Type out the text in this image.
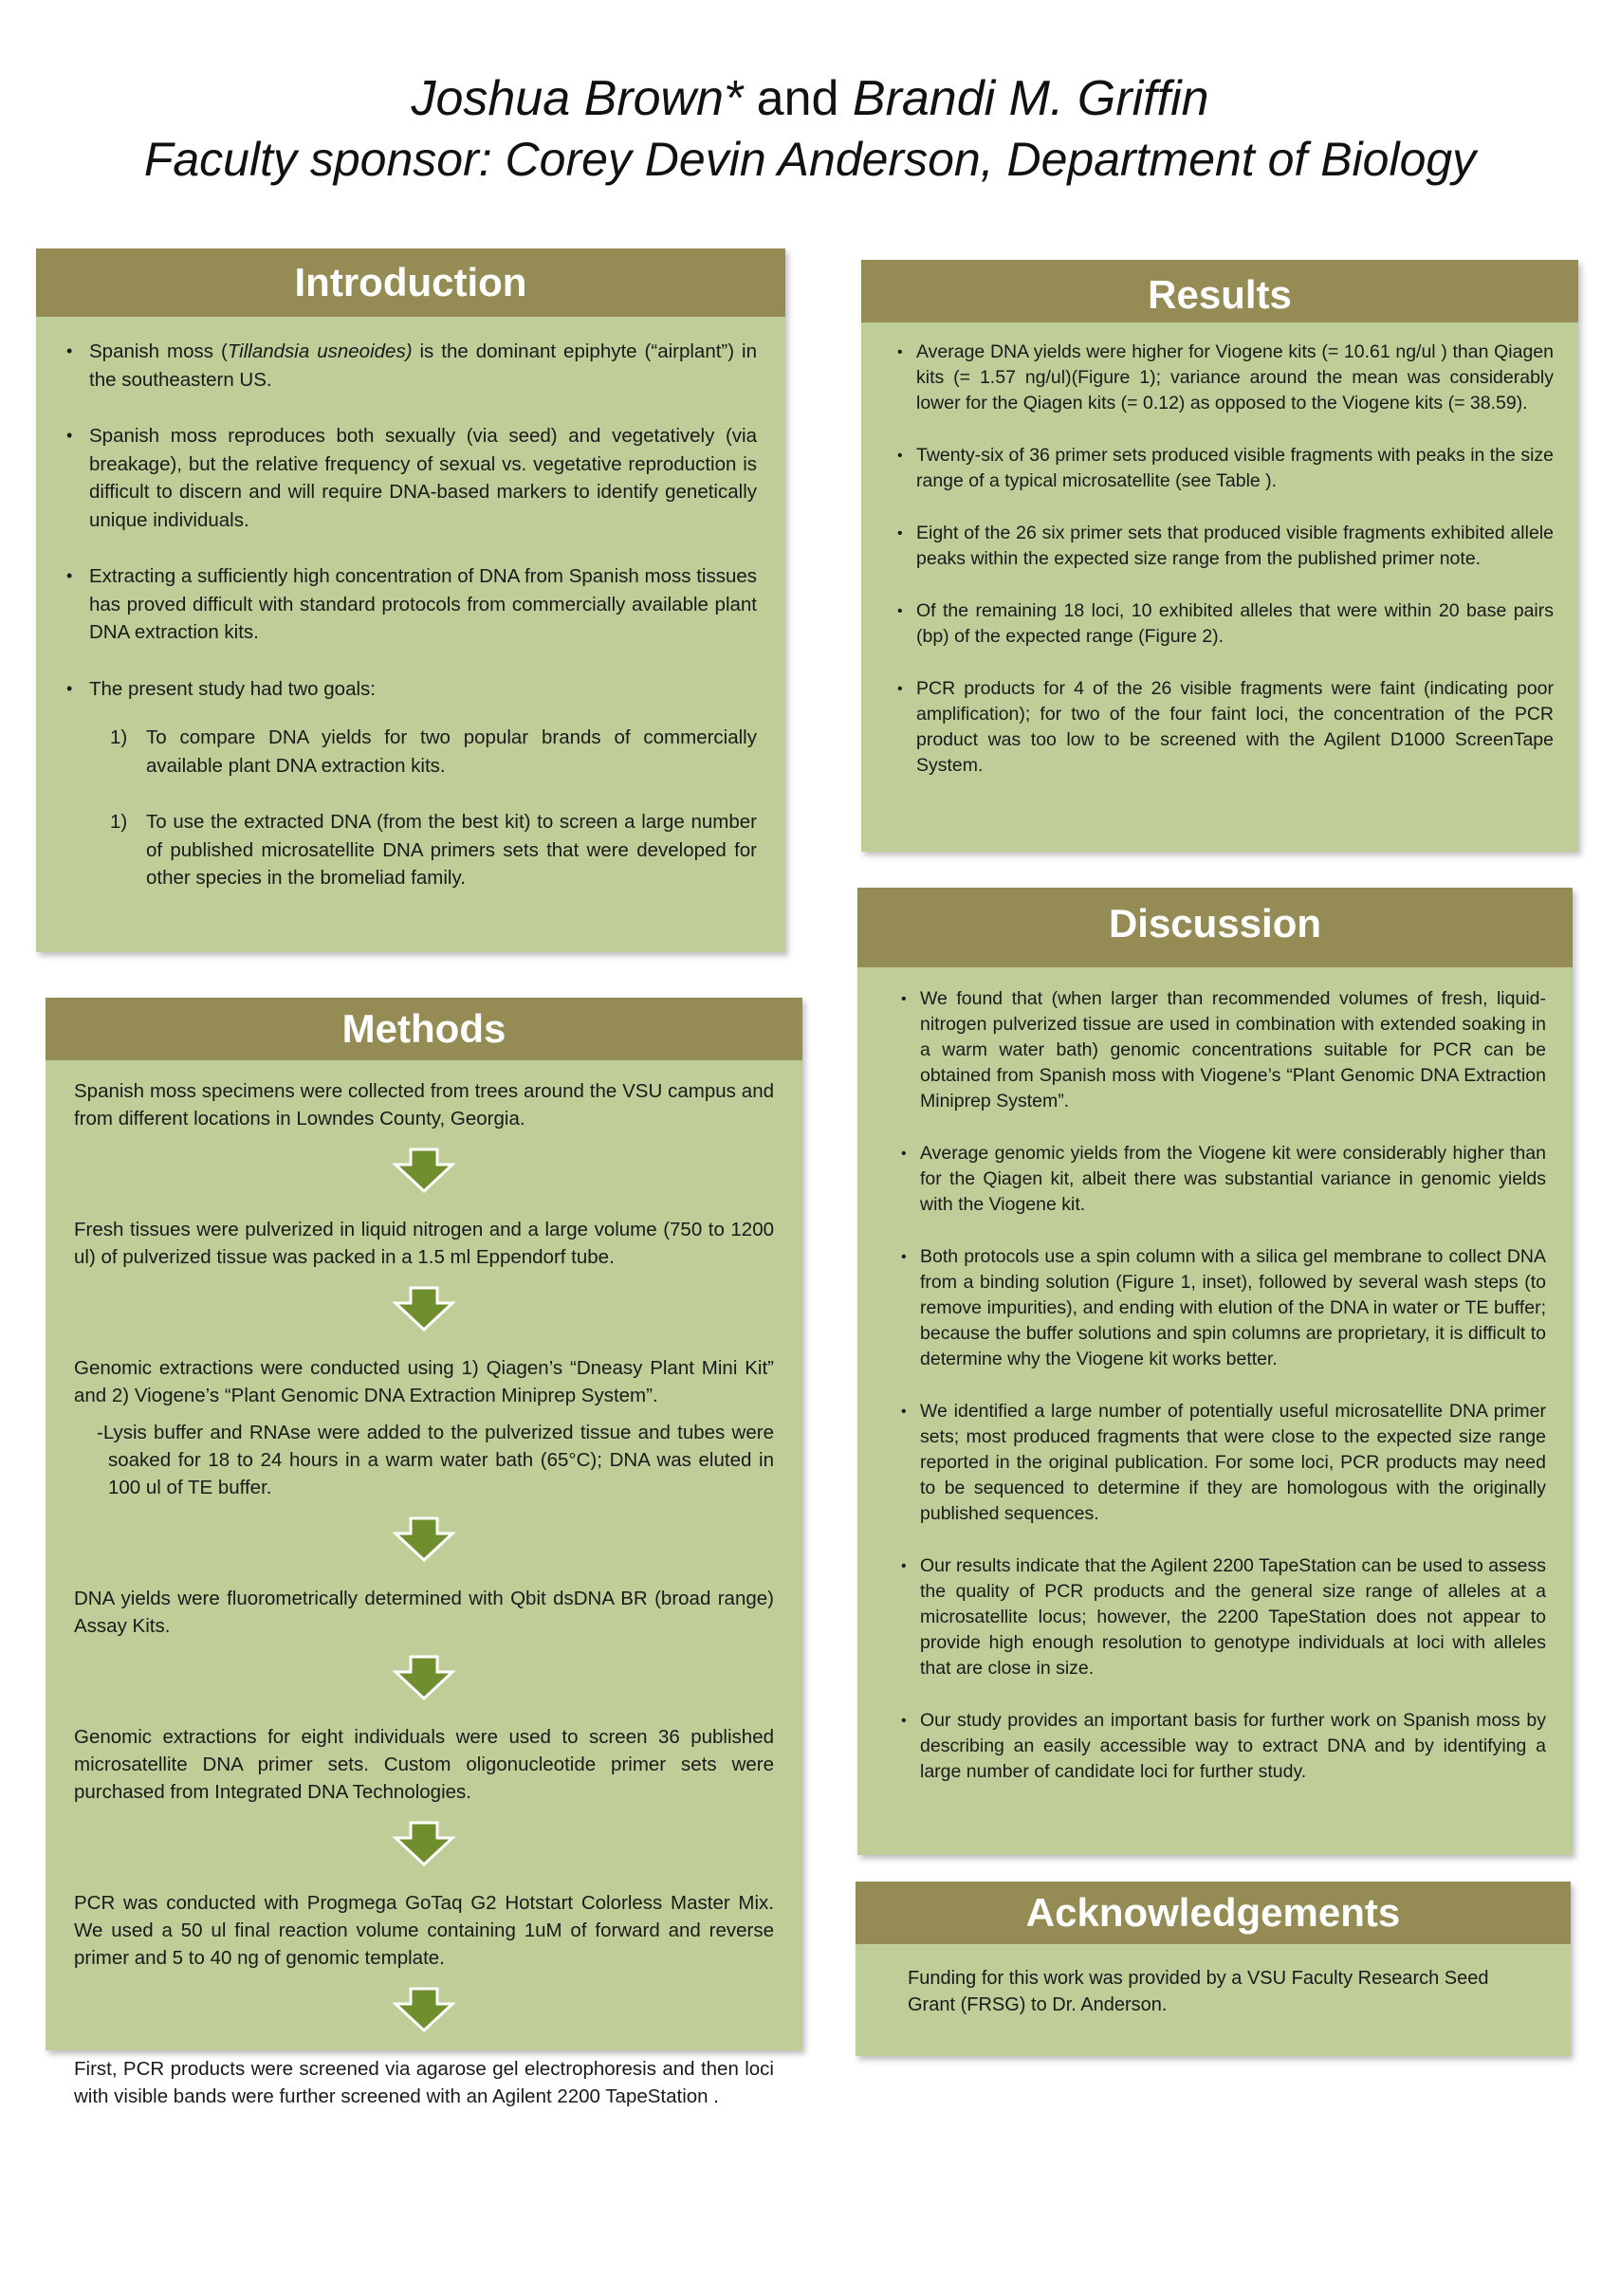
Joshua Brown* and Brandi M. Griffin
Faculty sponsor: Corey Devin Anderson, Department of Biology
Introduction
• Spanish moss (Tillandsia usneoides) is the dominant epiphyte (“airplant”) in the southeastern US.
• Spanish moss reproduces both sexually (via seed) and vegetatively (via breakage), but the relative frequency of sexual vs. vegetative reproduction is difficult to discern and will require DNA-based markers to identify genetically unique individuals.
• Extracting a sufficiently high concentration of DNA from Spanish moss tissues has proved difficult with standard protocols from commercially available plant DNA extraction kits.
• The present study had two goals:
1) To compare DNA yields for two popular brands of commercially available plant DNA extraction kits.
1) To use the extracted DNA (from the best kit) to screen a large number of published microsatellite DNA primers sets that were developed for other species in the bromeliad family.
Methods

Spanish moss specimens were collected from trees around the VSU campus and from different locations in Lowndes County, Georgia.

Fresh tissues were pulverized in liquid nitrogen and a large volume (750 to 1200 ul) of pulverized tissue was packed in a 1.5 ml Eppendorf tube.

Genomic extractions were conducted using 1) Qiagen’s “Dneasy Plant Mini Kit” and 2) Viogene’s “Plant Genomic DNA Extraction Miniprep System”.

-Lysis buffer and RNAse were added to the pulverized tissue and tubes were soaked for 18 to 24 hours in a warm water bath (65°C); DNA was eluted in 100 ul of TE buffer.

DNA yields were fluorometrically determined with Qbit dsDNA BR (broad range) Assay Kits.

Genomic extractions for eight individuals were used to screen 36 published microsatellite DNA primer sets. Custom oligonucleotide primer sets were purchased from Integrated DNA Technologies.

PCR was conducted with Progmega GoTaq G2 Hotstart Colorless Master Mix. We used a 50 ul final reaction volume containing 1uM of forward and reverse primer and 5 to 40 ng of genomic template.

First, PCR products were screened via agarose gel electrophoresis and then loci with visible bands were further screened with an Agilent 2200 TapeStation .

Results
• Average DNA yields were higher for Viogene kits (= 10.61 ng/ul ) than Qiagen kits (= 1.57 ng/ul)(Figure 1); variance around the mean was considerably lower for the Qiagen kits (= 0.12) as opposed to the Viogene kits (= 38.59).
• Twenty-six of 36 primer sets produced visible fragments with peaks in the size range of a typical microsatellite (see Table ).
• Eight of the 26 six primer sets that produced visible fragments exhibited allele peaks within the expected size range from the published primer note.
• Of the remaining 18 loci, 10 exhibited alleles that were within 20 base pairs (bp) of the expected range (Figure 2).
• PCR products for 4 of the 26 visible fragments were faint (indicating poor amplification); for two of the four faint loci, the concentration of the PCR product was too low to be screened with the Agilent D1000 ScreenTape System.
Discussion
• We found that (when larger than recommended volumes of fresh, liquid-nitrogen pulverized tissue are used in combination with extended soaking in a warm water bath) genomic concentrations suitable for PCR can be obtained from Spanish moss with Viogene’s “Plant Genomic DNA Extraction Miniprep System”.
• Average genomic yields from the Viogene kit were considerably higher than for the Qiagen kit, albeit there was substantial variance in genomic yields with the Viogene kit.
• Both protocols use a spin column with a silica gel membrane to collect DNA from a binding solution (Figure 1, inset), followed by several wash steps (to remove impurities), and ending with elution of the DNA in water or TE buffer; because the buffer solutions and spin columns are proprietary, it is difficult to determine why the Viogene kit works better.
• We identified a large number of potentially useful microsatellite DNA primer sets; most produced fragments that were close to the expected size range reported in the original publication. For some loci, PCR products may need to be sequenced to determine if they are homologous with the originally published sequences.
• Our results indicate that the Agilent 2200 TapeStation can be used to assess the quality of PCR products and the general size range of alleles at a microsatellite locus; however, the 2200 TapeStation does not appear to provide high enough resolution to genotype individuals at loci with alleles that are close in size.
• Our study provides an important basis for further work on Spanish moss by describing an easily accessible way to extract DNA and by identifying a large number of candidate loci for further study.
Acknowledgements
Funding for this work was provided by a VSU Faculty Research Seed Grant (FRSG) to Dr. Anderson.
